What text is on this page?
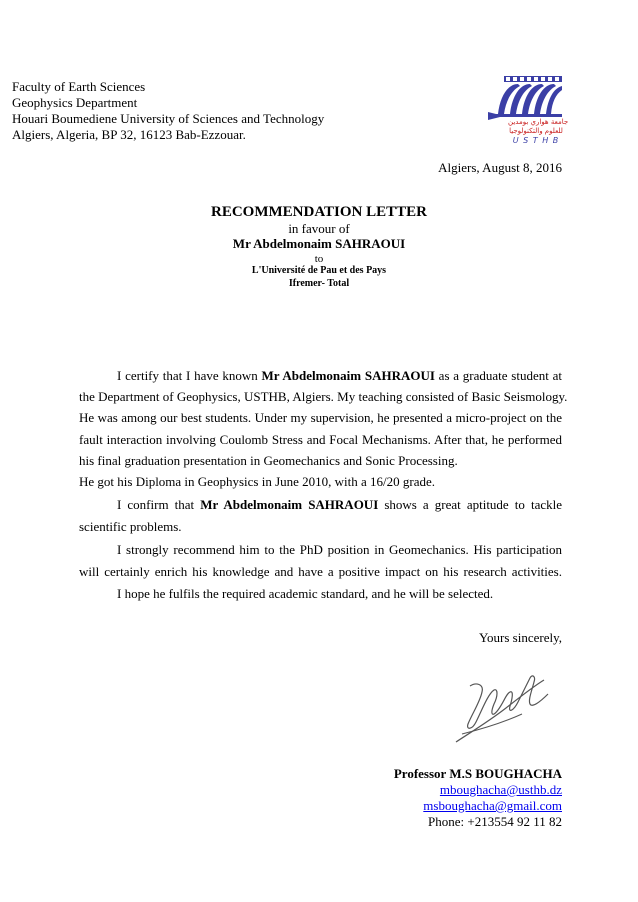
Faculty of Earth Sciences
Geophysics Department
Houari Boumediene University of Sciences and Technology
Algiers, Algeria, BP 32, 16123 Bab-Ezzouar.
جامعة هواري بومدين
للعلوم والتكنولوجيا
U S T H B
Algiers, August 8, 2016
RECOMMENDATION LETTER
in favour of
Mr Abdelmonaim SAHRAOUI
to
L'Université de Pau et des Pays
Ifremer- Total
I certify that I have known Mr Abdelmonaim SAHRAOUI as a graduate student at
the Department of Geophysics, USTHB, Algiers. My teaching consisted of Basic Seismology.
He was among our best students. Under my supervision, he presented a micro-project on the
fault interaction involving Coulomb Stress and Focal Mechanisms. After that, he performed
his final graduation presentation in Geomechanics and Sonic Processing.
He got his Diploma in Geophysics in June 2010, with a 16/20 grade.
I confirm that Mr Abdelmonaim SAHRAOUI shows a great aptitude to tackle
scientific problems.
I strongly recommend him to the PhD position in Geomechanics. His participation
will certainly enrich his knowledge and have a positive impact on his research activities.
I hope he fulfils the required academic standard, and he will be selected.
Yours sincerely,
Professor M.S BOUGHACHA
mboughacha@usthb.dz
msboughacha@gmail.com
Phone: +213554 92 11 82
